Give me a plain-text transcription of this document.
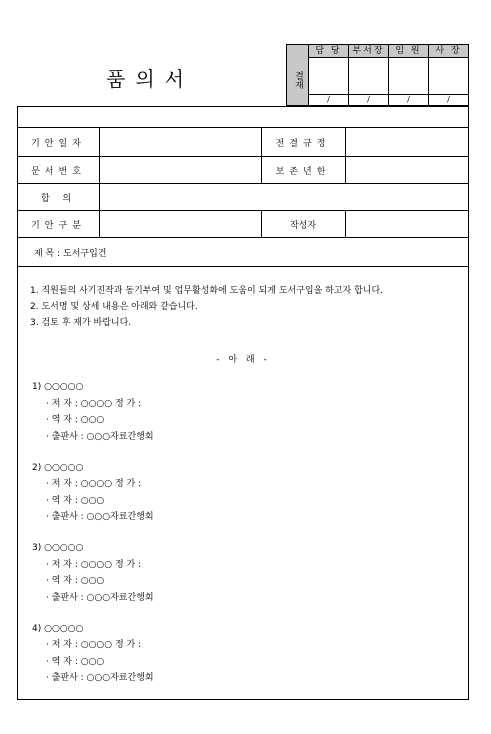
품의서	결재
담 당	부서장	임 원	사 장
/	/	/	/
기안일자	전결규정
문서번호	보존년한
합 의
기안구분	작성자
제 목 : 도서구입건

1. 직원들의 사기진작과 동기부여 및 업무활성화에 도움이 되게 도서구입을 하고자 합니다.

2. 도서명 및 상세 내용은 아래와 같습니다.

3. 검토 후 재가 바랍니다.

- 아 래 -
1) ○○○○○
· 저 자 : ○○○○ 정 가 :
· 역 자 : ○○○
· 출판사 : ○○○자료간행회
2) ○○○○○
· 저 자 : ○○○○ 정 가 :
· 역 자 : ○○○
· 출판사 : ○○○자료간행회
3) ○○○○○
· 저 자 : ○○○○ 정 가 :
· 역 자 : ○○○
· 출판사 : ○○○자료간행회
4) ○○○○○
· 저 자 : ○○○○ 정 가 :
· 역 자 : ○○○
· 출판사 : ○○○자료간행회
